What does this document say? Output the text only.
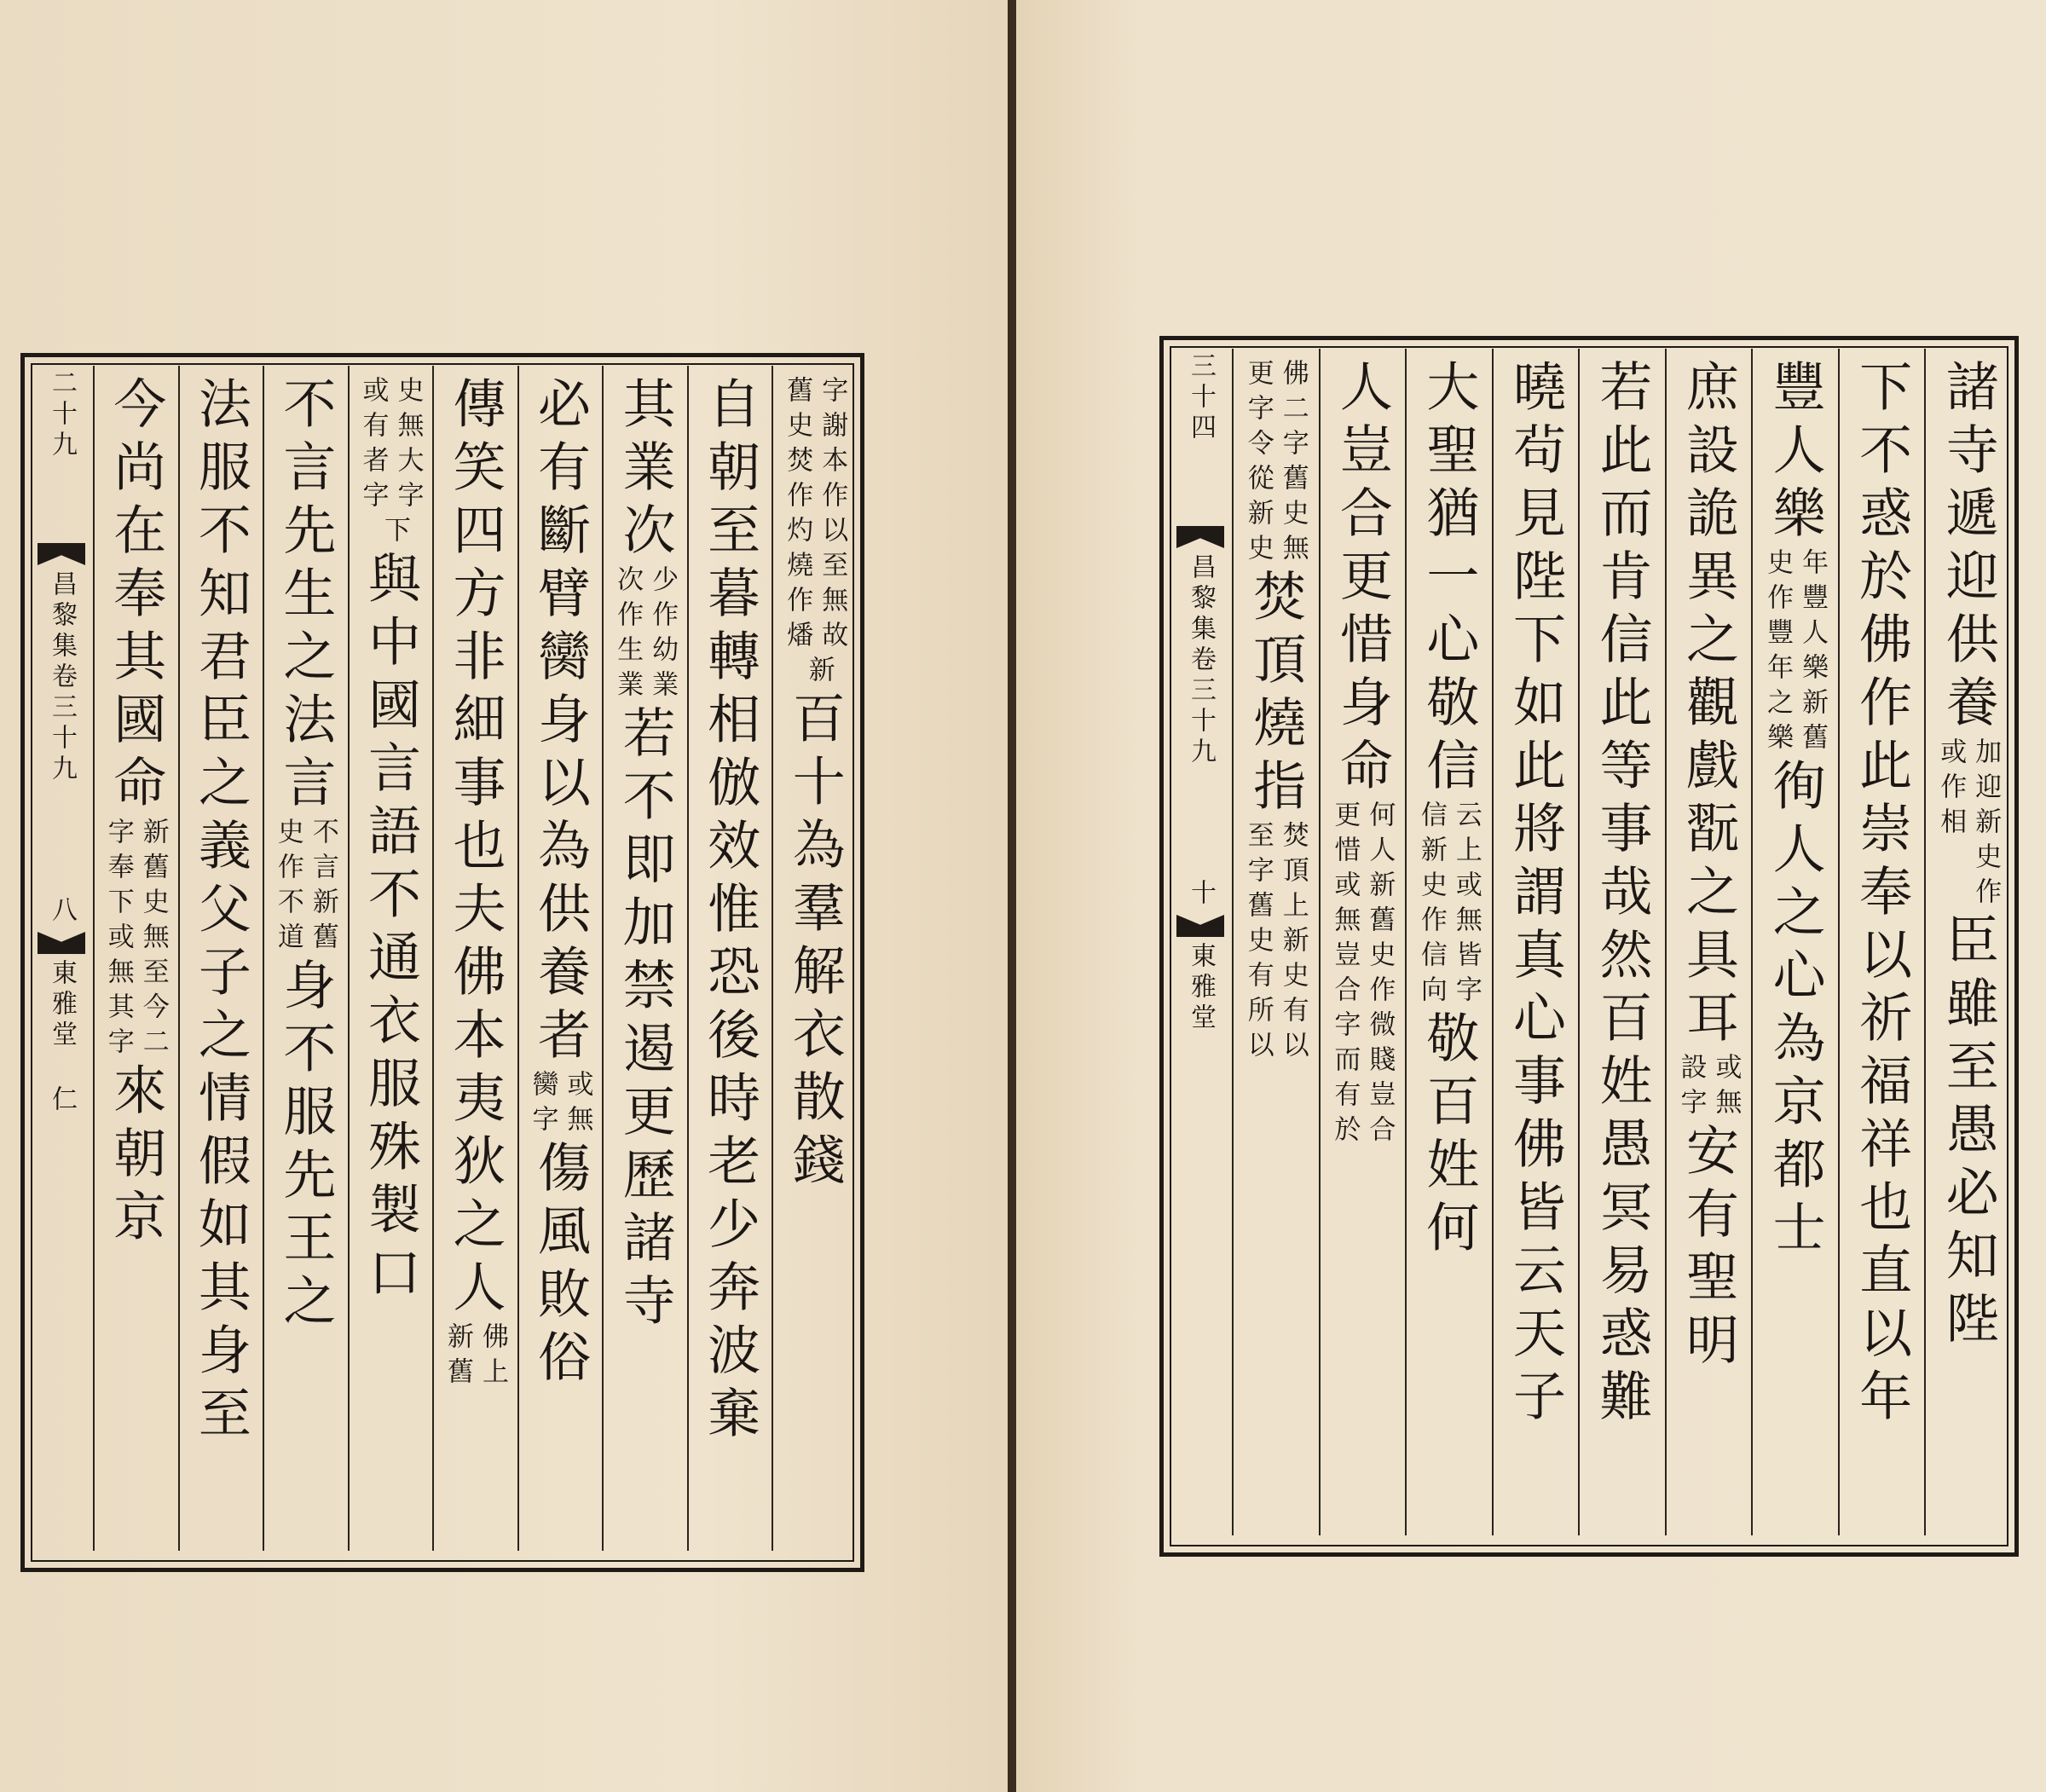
二十九
昌黎集卷三十九
八
東雅堂
仁
字謝本作以至無故
舊史焚作灼燒作燔
新
百十為羣解衣散錢
自朝至暮轉相倣效惟恐後時老少奔波棄
其業次
少作幼業
次作生業
若不即加禁遏更歷諸寺
必有斷臂臠身以為供養者
或無
臠字
傷風敗俗
傳笑四方非細事也夫佛本夷狄之人
佛上
新舊
史無大字
或有者字
下
與中國言語不通衣服殊製口
不言先生之法言
不言新舊
史作不道
身不服先王之
法服不知君臣之義父子之情假如其身至
今尚在奉其國命
新舊史無至今二
字奉下或無其字
來朝京
三十四
昌黎集卷三十九
十
東雅堂
諸寺遞迎供養
加迎新史作
或作相
臣雖至愚必知陛
下不惑於佛作此崇奉以祈福祥也直以年
豐人樂
年豐人樂新舊
史作豐年之樂
徇人之心為京都士
庶設詭異之觀戲翫之具耳
或無
設字
安有聖明
若此而肯信此等事哉然百姓愚冥易惑難
曉茍見陛下如此將謂真心事佛皆云天子
大聖猶一心敬信
云上或無皆字
信新史作信向
敬百姓何
人豈合更惜身命
何人新舊史作微賤豈合
更惜或無豈合字而有於
佛二字舊史無
更字令從新史
焚頂燒指
焚頂上新史有以
至字舊史有所以
